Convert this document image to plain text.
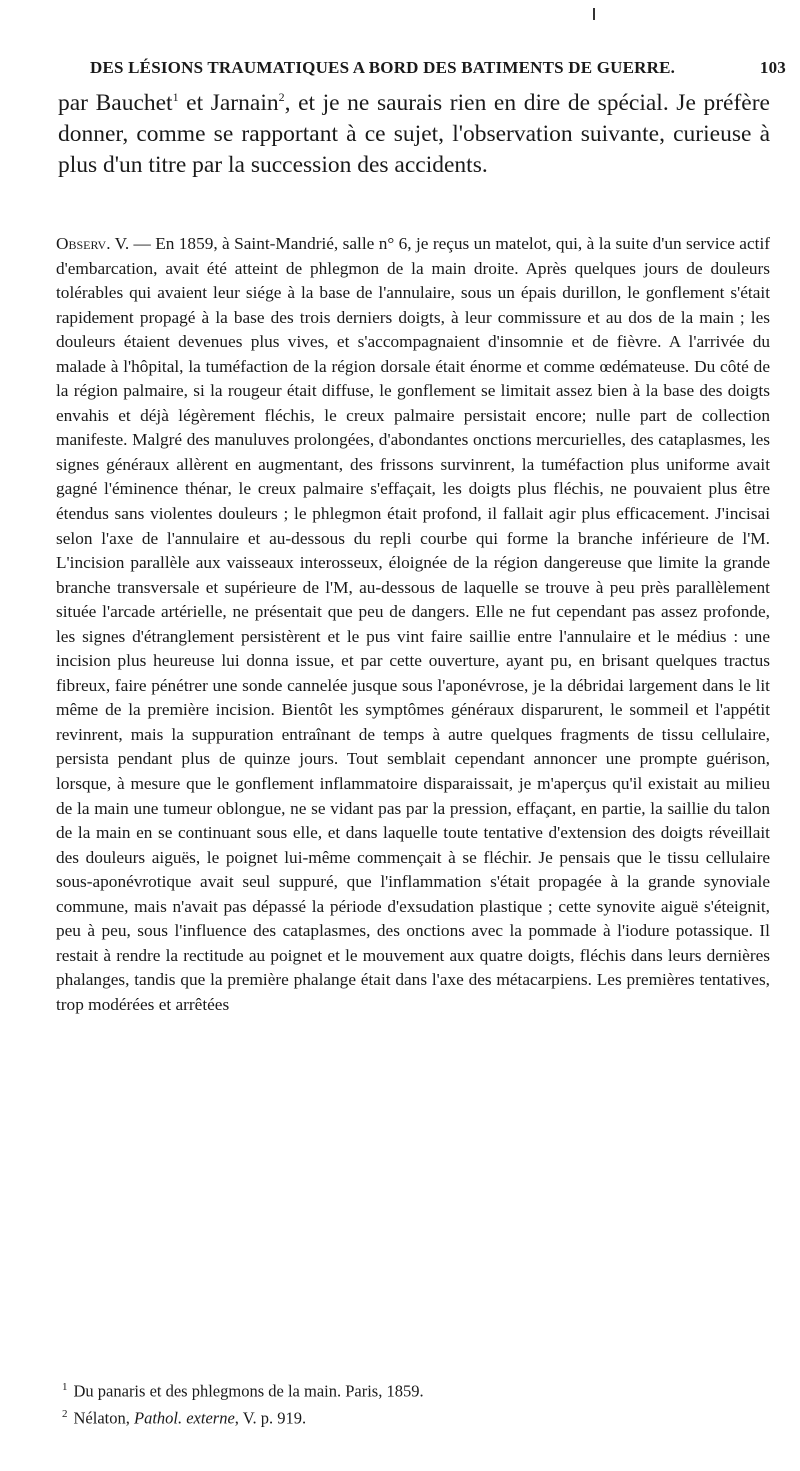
DES LÉSIONS TRAUMATIQUES A BORD DES BATIMENTS DE GUERRE.	103
par Bauchet$^1$ et Jarnain$^2$, et je ne saurais rien en dire de spécial. Je préfère donner, comme se rapportant à ce sujet, l'observation suivante, curieuse à plus d'un titre par la succession des accidents.
Observ. V. — En 1859, à Saint-Mandrié, salle n° 6, je reçus un matelot, qui, à la suite d'un service actif d'embarcation, avait été atteint de phlegmon de la main droite. Après quelques jours de douleurs tolérables qui avaient leur siége à la base de l'annulaire, sous un épais durillon, le gonflement s'était rapidement propagé à la base des trois derniers doigts, à leur commissure et au dos de la main ; les douleurs étaient devenues plus vives, et s'accompagnaient d'insomnie et de fièvre. A l'arrivée du malade à l'hôpital, la tuméfaction de la région dorsale était énorme et comme œdémateuse. Du côté de la région palmaire, si la rougeur était diffuse, le gonflement se limitait assez bien à la base des doigts envahis et déjà légèrement fléchis, le creux palmaire persistait encore; nulle part de collection manifeste. Malgré des manuluves prolongées, d'abondantes onctions mercurielles, des cataplasmes, les signes généraux allèrent en augmentant, des frissons survinrent, la tuméfaction plus uniforme avait gagné l'éminence thénar, le creux palmaire s'effaçait, les doigts plus fléchis, ne pouvaient plus être étendus sans violentes douleurs ; le phlegmon était profond, il fallait agir plus efficacement. J'incisai selon l'axe de l'annulaire et au-dessous du repli courbe qui forme la branche inférieure de l'M. L'incision parallèle aux vaisseaux interosseux, éloignée de la région dangereuse que limite la grande branche transversale et supérieure de l'M, au-dessous de laquelle se trouve à peu près parallèlement située l'arcade artérielle, ne présentait que peu de dangers. Elle ne fut cependant pas assez profonde, les signes d'étranglement persistèrent et le pus vint faire saillie entre l'annulaire et le médius : une incision plus heureuse lui donna issue, et par cette ouverture, ayant pu, en brisant quelques tractus fibreux, faire pénétrer une sonde cannelée jusque sous l'aponévrose, je la débridai largement dans le lit même de la première incision. Bientôt les symptômes généraux disparurent, le sommeil et l'appétit revinrent, mais la suppuration entraînant de temps à autre quelques fragments de tissu cellulaire, persista pendant plus de quinze jours. Tout semblait cependant annoncer une prompte guérison, lorsque, à mesure que le gonflement inflammatoire disparaissait, je m'aperçus qu'il existait au milieu de la main une tumeur oblongue, ne se vidant pas par la pression, effaçant, en partie, la saillie du talon de la main en se continuant sous elle, et dans laquelle toute tentative d'extension des doigts réveillait des douleurs aiguës, le poignet lui-même commençait à se fléchir. Je pensais que le tissu cellulaire sous-aponévrotique avait seul suppuré, que l'inflammation s'était propagée à la grande synoviale commune, mais n'avait pas dépassé la période d'exsudation plastique ; cette synovite aiguë s'éteignit, peu à peu, sous l'influence des cataplasmes, des onctions avec la pommade à l'iodure potassique. Il restait à rendre la rectitude au poignet et le mouvement aux quatre doigts, fléchis dans leurs dernières phalanges, tandis que la première phalange était dans l'axe des métacarpiens. Les premières tentatives, trop modérées et arrêtées

$^1$ Du panaris et des phlegmons de la main. Paris, 1859.

$^2$ Nélaton, Pathol. externe, V. p. 919.
